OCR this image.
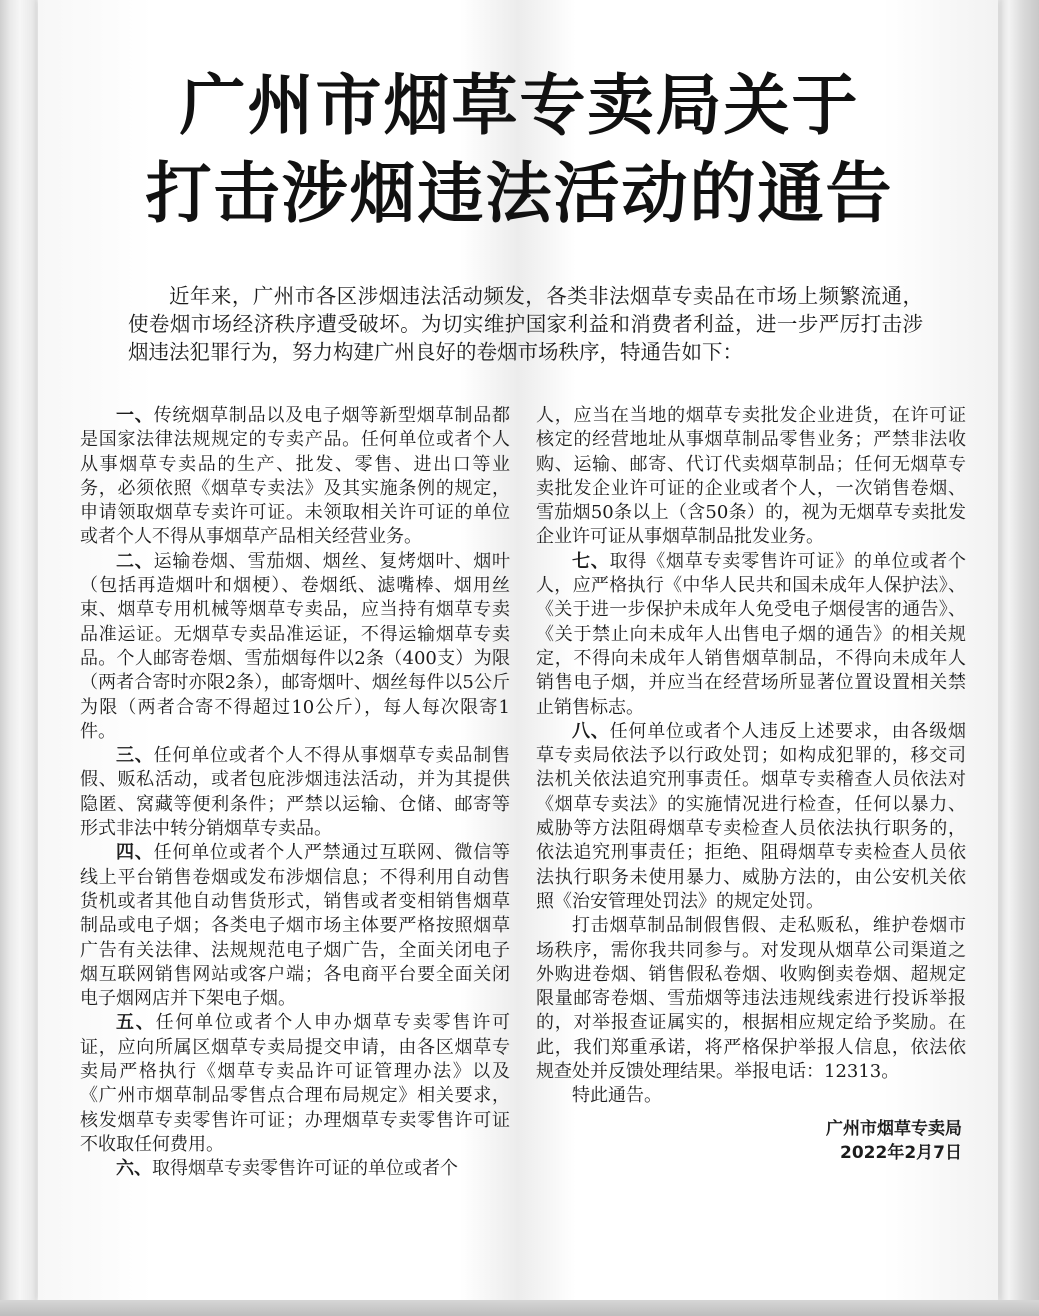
广州市烟草专卖局关于
打击涉烟违法活动的通告

近年来，广州市各区涉烟违法活动频发，各类非法烟草专卖品在市场上频繁流通，使卷烟市场经济秩序遭受破坏。为切实维护国家利益和消费者利益，进一步严厉打击涉烟违法犯罪行为，努力构建广州良好的卷烟市场秩序，特通告如下：

一、传统烟草制品以及电子烟等新型烟草制品都是国家法律法规规定的专卖产品。任何单位或者个人从事烟草专卖品的生产、批发、零售、进出口等业务，必须依照《烟草专卖法》及其实施条例的规定，申请领取烟草专卖许可证。未领取相关许可证的单位或者个人不得从事烟草产品相关经营业务。

二、运输卷烟、雪茄烟、烟丝、复烤烟叶、烟叶（包括再造烟叶和烟梗）、卷烟纸、滤嘴棒、烟用丝束、烟草专用机械等烟草专卖品，应当持有烟草专卖品准运证。无烟草专卖品准运证，不得运输烟草专卖品。个人邮寄卷烟、雪茄烟每件以2条（400支）为限（两者合寄时亦限2条），邮寄烟叶、烟丝每件以5公斤为限（两者合寄不得超过10公斤），每人每次限寄1件。

三、任何单位或者个人不得从事烟草专卖品制售假、贩私活动，或者包庇涉烟违法活动，并为其提供隐匿、窝藏等便利条件；严禁以运输、仓储、邮寄等形式非法中转分销烟草专卖品。

四、任何单位或者个人严禁通过互联网、微信等线上平台销售卷烟或发布涉烟信息；不得利用自动售货机或者其他自动售货形式，销售或者变相销售烟草制品或电子烟；各类电子烟市场主体要严格按照烟草广告有关法律、法规规范电子烟广告，全面关闭电子烟互联网销售网站或客户端；各电商平台要全面关闭电子烟网店并下架电子烟。

五、任何单位或者个人申办烟草专卖零售许可证，应向所属区烟草专卖局提交申请，由各区烟草专卖局严格执行《烟草专卖品许可证管理办法》以及《广州市烟草制品零售点合理布局规定》相关要求，核发烟草专卖零售许可证；办理烟草专卖零售许可证不收取任何费用。

六、取得烟草专卖零售许可证的单位或者个

人，应当在当地的烟草专卖批发企业进货，在许可证核定的经营地址从事烟草制品零售业务；严禁非法收购、运输、邮寄、代订代卖烟草制品；任何无烟草专卖批发企业许可证的企业或者个人，一次销售卷烟、雪茄烟50条以上（含50条）的，视为无烟草专卖批发企业许可证从事烟草制品批发业务。

七、取得《烟草专卖零售许可证》的单位或者个人，应严格执行《中华人民共和国未成年人保护法》、《关于进一步保护未成年人免受电子烟侵害的通告》、《关于禁止向未成年人出售电子烟的通告》的相关规定，不得向未成年人销售烟草制品，不得向未成年人销售电子烟，并应当在经营场所显著位置设置相关禁止销售标志。

八、任何单位或者个人违反上述要求，由各级烟草专卖局依法予以行政处罚；如构成犯罪的，移交司法机关依法追究刑事责任。烟草专卖稽查人员依法对《烟草专卖法》的实施情况进行检查，任何以暴力、威胁等方法阻碍烟草专卖检查人员依法执行职务的，依法追究刑事责任；拒绝、阻碍烟草专卖检查人员依法执行职务未使用暴力、威胁方法的，由公安机关依照《治安管理处罚法》的规定处罚。

打击烟草制品制假售假、走私贩私，维护卷烟市场秩序，需你我共同参与。对发现从烟草公司渠道之外购进卷烟、销售假私卷烟、收购倒卖卷烟、超规定限量邮寄卷烟、雪茄烟等违法违规线索进行投诉举报的，对举报查证属实的，根据相应规定给予奖励。在此，我们郑重承诺，将严格保护举报人信息，依法依规查处并反馈处理结果。举报电话：12313。

特此通告。

广州市烟草专卖局
2022年2月7日
